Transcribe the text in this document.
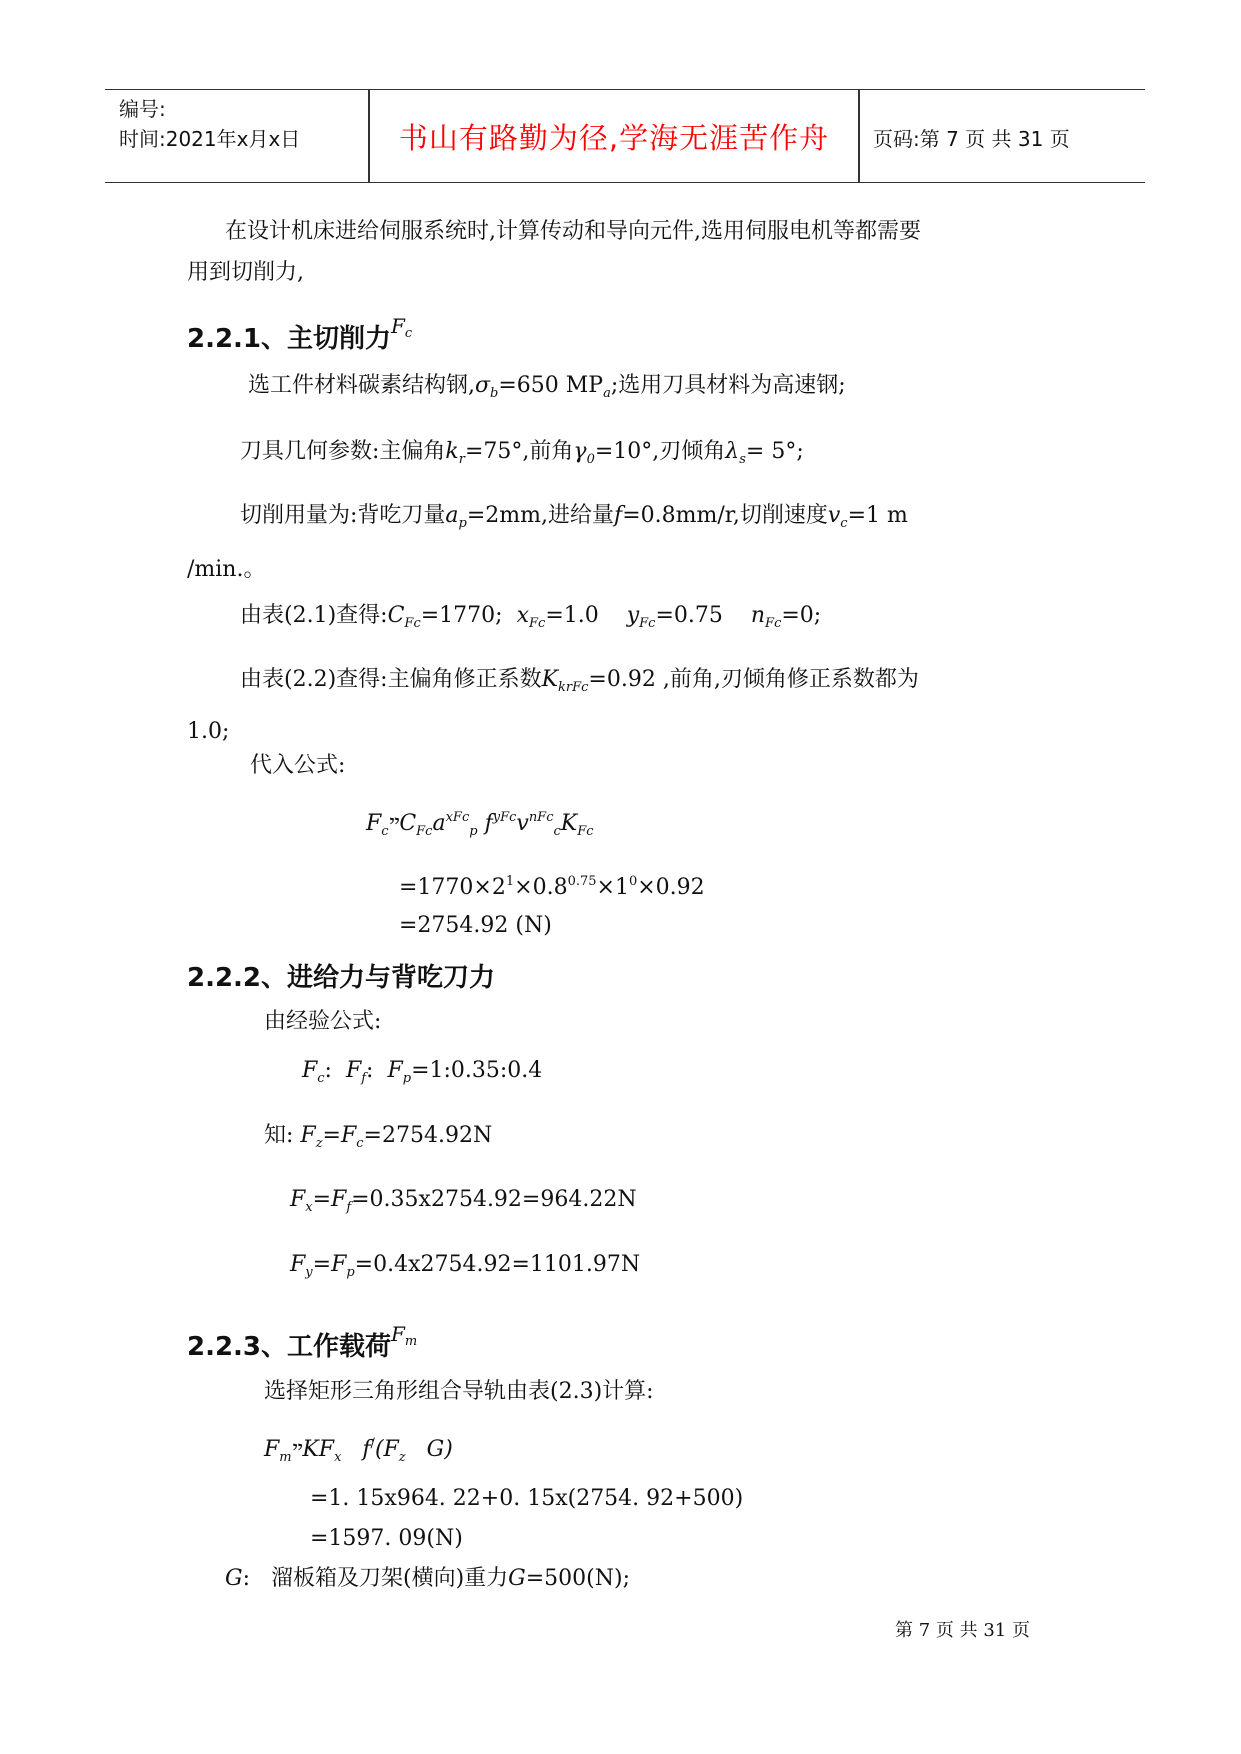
编号:
时间:2021年x月x日	书山有路勤为径,学海无涯苦作舟	页码:第 7 页 共 31 页
在设计机床进给伺服系统时,计算传动和导向元件,选用伺服电机等都需要
用到切削力,
2.2.1、主切削力$^{Fc}$
选工件材料碳素结构钢$,\sigma_b=650$ $MP_a$;选用刀具材料为高速钢;
刀具几何参数:主偏角$k_r=75^\circ$,前角$\gamma_0=10^\circ$,刃倾角$\lambda_s= 5^\circ$;
切削用量为:背吃刀量$a_p=2mm$,进给量f=0.8mm/r,切削速度$v_c=1$ m
/min.。
由表(2.1)查得$:C_{Fc}=1770$; $x_{Fc}=1.0$ $y_{Fc}=0.75$ $n_{Fc}=0$;
由表(2.2)查得:主偏角修正系数$K_{krFc}=0.92$ ,前角,刃倾角修正系数都为
1.0;
代入公式:
$F_cײC_{Fc}a^{xFc}_p$ $f^{yFc}v^{nFc}_cK_{Fc}$
$=1770\times 2^1\times 0.8^{0.75}\times 1^0\times 0.92$
=2754.92 (N)
2.2.2、进给力与背吃刀力
由经验公式:
$F_c$: $F_f$: $F_p=1:0.35:0.4$
知: $F_z=F_c=2754.92N$
$F_x=F_f=0.35x2754.92=964.22N$
$F_y=F_p=0.4x2754.92=1101.97N$
2.2.3、工作载荷$^{Fm}$
选择矩形三角形组合导轨由表(2.3)计算:
$F_mײKF_x$ $f^/(F_z$ G)
=1. 15x964. 22+0. 15x(2754. 92+500)
=1597. 09(N)
G: 溜板箱及刀架(横向)重力G=500(N);
第 7 页 共 31 页
